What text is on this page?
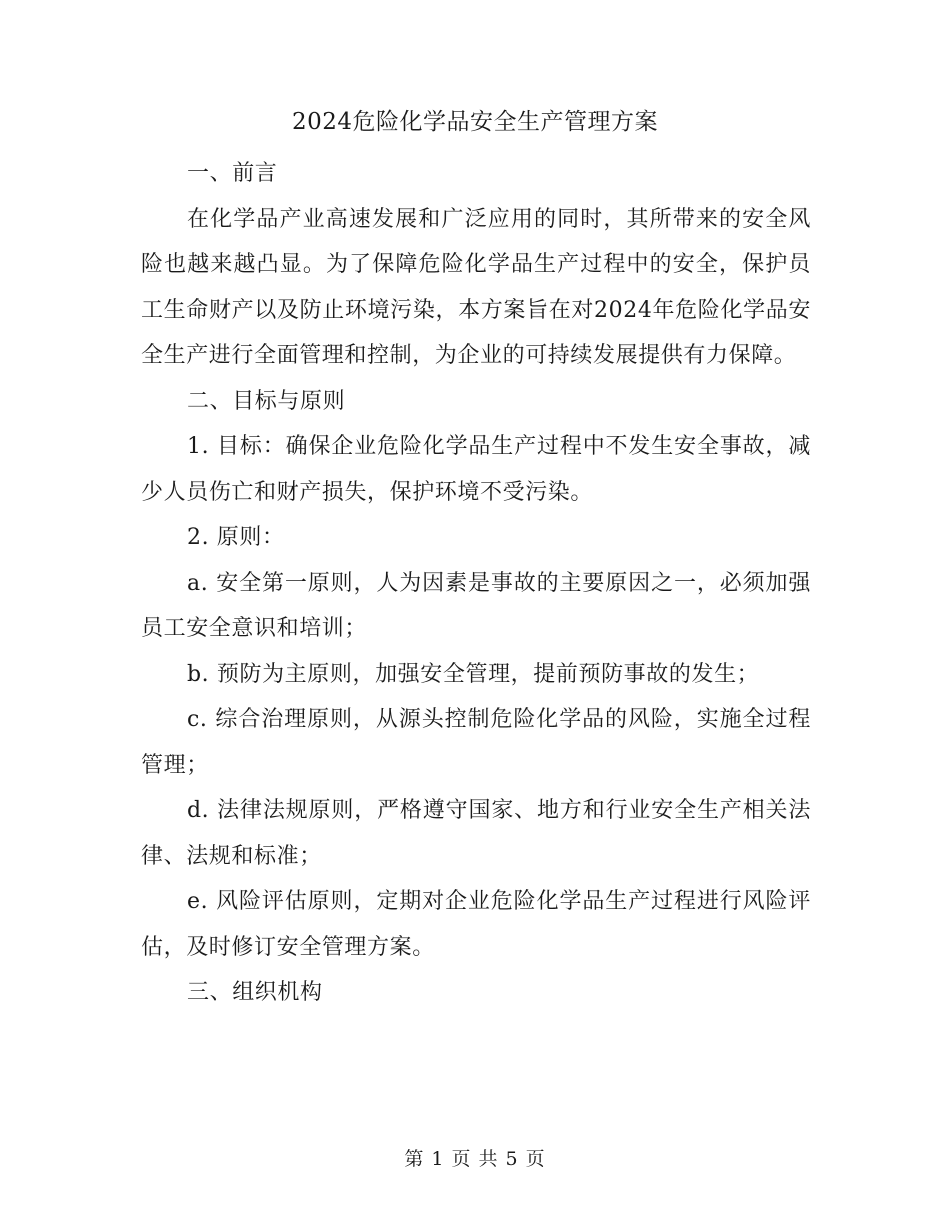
2024危险化学品安全生产管理方案

一、前言

在化学品产业高速发展和广泛应用的同时，其所带来的安全风险也越来越凸显。为了保障危险化学品生产过程中的安全，保护员工生命财产以及防止环境污染，本方案旨在对2024年危险化学品安全生产进行全面管理和控制，为企业的可持续发展提供有力保障。

二、目标与原则

1. 目标：确保企业危险化学品生产过程中不发生安全事故，减少人员伤亡和财产损失，保护环境不受污染。

2. 原则：

a. 安全第一原则，人为因素是事故的主要原因之一，必须加强员工安全意识和培训；

b. 预防为主原则，加强安全管理，提前预防事故的发生；

c. 综合治理原则，从源头控制危险化学品的风险，实施全过程管理；

d. 法律法规原则，严格遵守国家、地方和行业安全生产相关法律、法规和标准；

e. 风险评估原则，定期对企业危险化学品生产过程进行风险评估，及时修订安全管理方案。

三、组织机构

第 1 页 共 5 页
